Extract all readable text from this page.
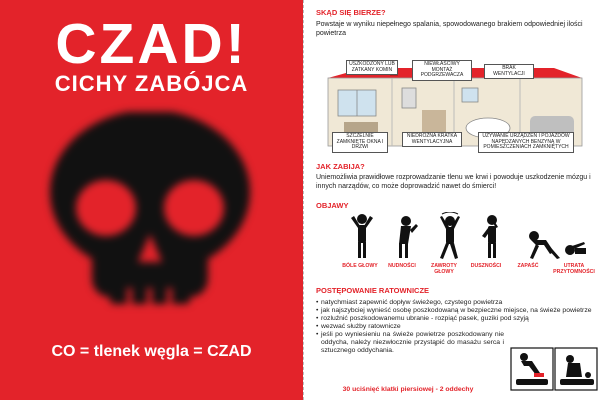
CZAD!
CICHY ZABÓJCA
CO = tlenek węgla = CZAD
SKĄD SIĘ BIERZE?
Powstaje w wyniku niepełnego spalania, spowodowanego brakiem odpowiedniej ilości powietrza
USZKODZONY LUB ZATKANY KOMIN
NIEWŁAŚCIWY MONTAŻ PODGRZEWACZA
BRAK WENTYLACJI
SZCZELNIE ZAMKNIĘTE OKNA I DRZWI
NIEDROŻNA KRATKA WENTYLACYJNA
UŻYWANIE URZĄDZEŃ I POJAZDÓW NAPĘDZANYCH BENZYNĄ W POMIESZCZENIACH ZAMKNIĘTYCH
JAK ZABIJA?
Uniemożliwia prawidłowe rozprowadzanie tlenu we krwi i powoduje uszkodzenie mózgu i innych narządów, co może doprowadzić nawet do śmierci!
OBJAWY
BÓLE GŁOWY	NUDNOŚCI	ZAWROTY GŁOWY
DUSZNOŚCI	ZAPAŚĆ	UTRATA PRZYTOMNOŚCI
POSTĘPOWANIE RATOWNICZE
• natychmiast zapewnić dopływ świeżego, czystego powietrza
• jak najszybciej wynieść osobę poszkodowaną w bezpieczne miejsce, na świeże powietrze
• rozluźnić poszkodowanemu ubranie - rozpiąć pasek, guziki pod szyją
• wezwać służby ratownicze
• jeśli po wyniesieniu na świeże powietrze poszkodowany nie oddycha, należy niezwłocznie przystąpić do masażu serca i sztucznego oddychania.
30 uciśnięć klatki piersiowej - 2 oddechy
